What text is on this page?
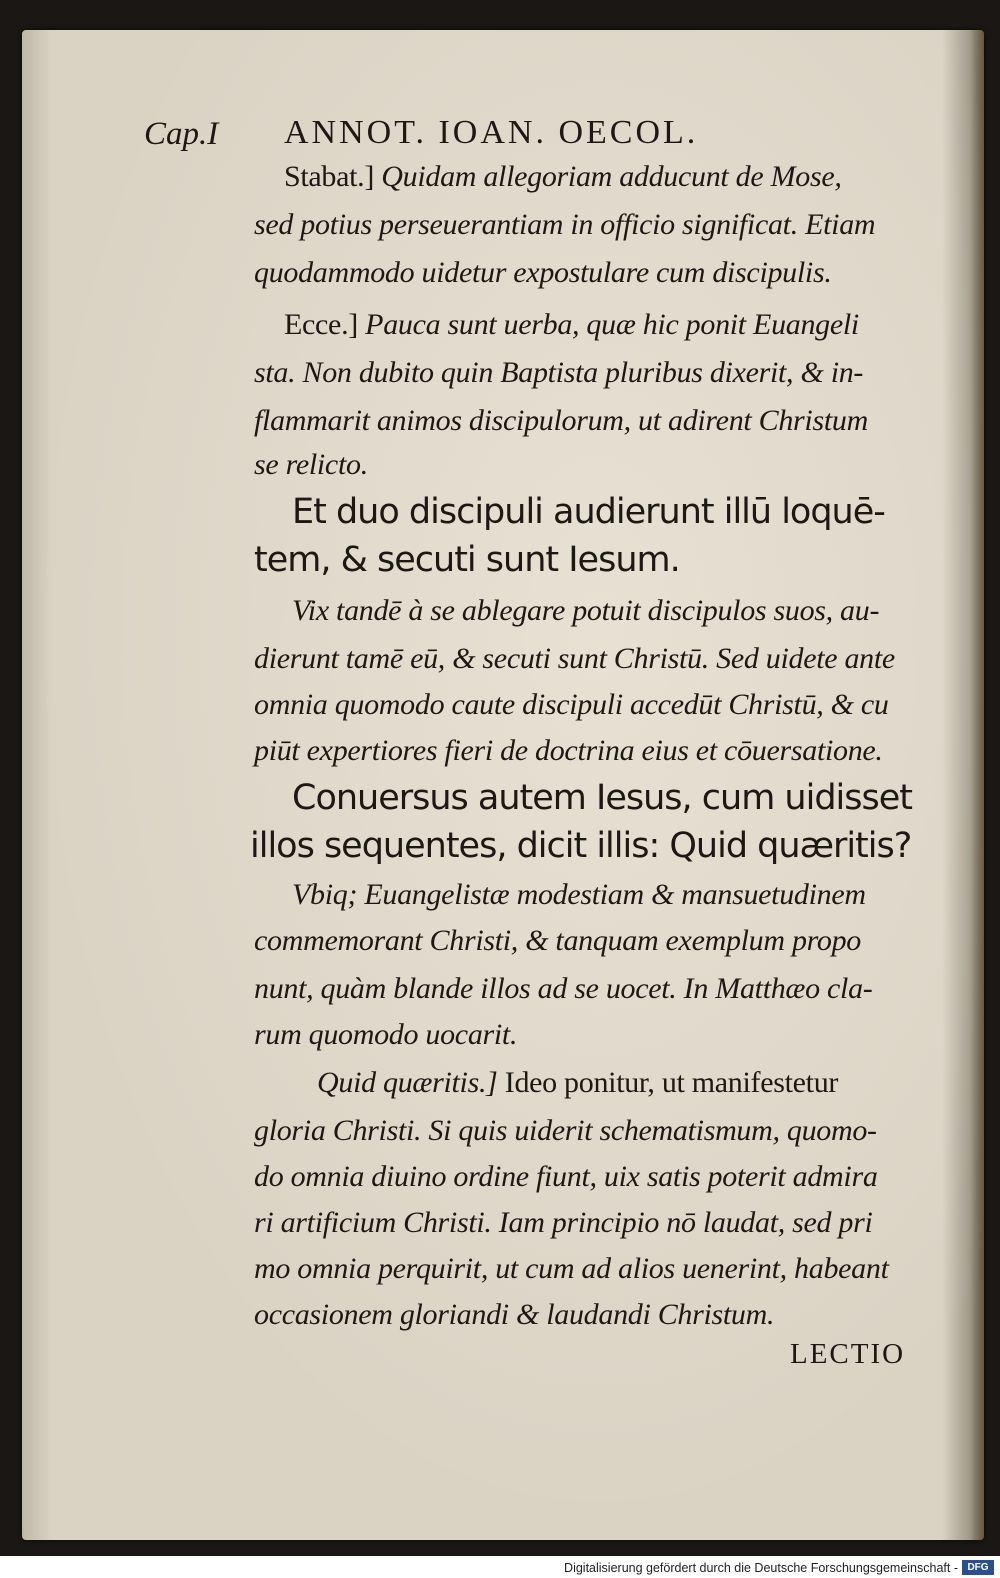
Cap.I ANNOT. IOAN. OECOL.
Stabat.] Quidam allegoriam adducunt de Mose,
sed potius perseuerantiam in officio significat. Etiam
quodammodo uidetur expostulare cum discipulis.
Ecce.] Pauca sunt uerba, quæ hic ponit Euangeli
sta. Non dubito quin Baptista pluribus dixerit, & in-
flammarit animos discipulorum, ut adirent Christum
se relicto.
Et duo discipuli audierunt illū loquē-
tem, & secuti sunt Iesum.
Vix tandē à se ablegare potuit discipulos suos, au-
dierunt tamē eū, & secuti sunt Christū. Sed uidete ante
omnia quomodo caute discipuli accedūt Christū, & cu
piūt expertiores fieri de doctrina eius et cōuersatione.
Conuersus autem Iesus, cum uidisset
illos sequentes, dicit illis: Quid quæritis?
Vbiq; Euangelistæ modestiam & mansuetudinem
commemorant Christi, & tanquam exemplum propo
nunt, quàm blande illos ad se uocet. In Matthæo cla-
rum quomodo uocarit.
Quid quæritis.] Ideo ponitur, ut manifestetur
gloria Christi. Si quis uiderit schematismum, quomo-
do omnia diuino ordine fiunt, uix satis poterit admira
ri artificium Christi. Iam principio nō laudat, sed pri
mo omnia perquirit, ut cum ad alios uenerint, habeant
occasionem gloriandi & laudandi Christum.
LECTIO
Digitalisierung gefördert durch die Deutsche Forschungsgemeinschaft - DFG
